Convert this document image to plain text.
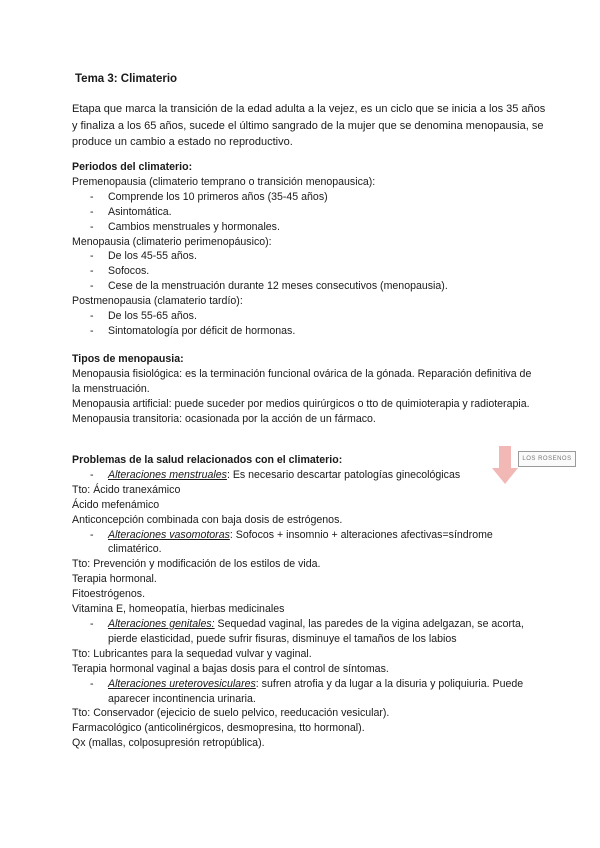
Tema 3: Climaterio
Etapa que marca la transición de la edad adulta a la vejez, es un ciclo que se inicia a los 35 años y finaliza a los 65 años, sucede el último sangrado de la mujer que se denomina menopausia, se produce un cambio a estado no reproductivo.

Periodos del climaterio:

Premenopausia (climaterio temprano o transición menopausica):

- Comprende los 10 primeros años (35-45 años)

- Asintomática.

- Cambios menstruales y hormonales.

Menopausia (climaterio perimenopáusico):

- De los 45-55 años.

- Sofocos.

- Cese de la menstruación durante 12 meses consecutivos (menopausia).

Postmenopausia (clamaterio tardío):

- De los 55-65 años.

- Sintomatología por déficit de hormonas.

Tipos de menopausia:

Menopausia fisiológica: es la terminación funcional ovárica de la gónada. Reparación definitiva de la menstruación.

Menopausia artificial: puede suceder por medios quirúrgicos o tto de quimioterapia y radioterapia.

Menopausia transitoria: ocasionada por la acción de un fármaco.

LOS ROSENOS

Problemas de la salud relacionados con el climaterio:

- Alteraciones menstruales: Es necesario descartar patologías ginecológicas

Tto: Ácido tranexámico

Ácido mefenámico

Anticoncepción combinada con baja dosis de estrógenos.

- Alteraciones vasomotoras: Sofocos + insomnio + alteraciones afectivas=síndrome climatérico.

Tto: Prevención y modificación de los estilos de vida.

Terapia hormonal.

Fitoestrógenos.

Vitamina E, homeopatía, hierbas medicinales

- Alteraciones genitales: Sequedad vaginal, las paredes de la vigina adelgazan, se acorta, pierde elasticidad, puede sufrir fisuras, disminuye el tamaños de los labios

Tto: Lubricantes para la sequedad vulvar y vaginal.

Terapia hormonal vaginal a bajas dosis para el control de síntomas.

- Alteraciones ureterovesiculares: sufren atrofia y da lugar a la disuria y poliquiuria. Puede aparecer incontinencia urinaria.

Tto: Conservador (ejecicio de suelo pelvico, reeducación vesicular).

Farmacológico (anticolinérgicos, desmopresina, tto hormonal).

Qx (mallas, colposupresión retropública).
